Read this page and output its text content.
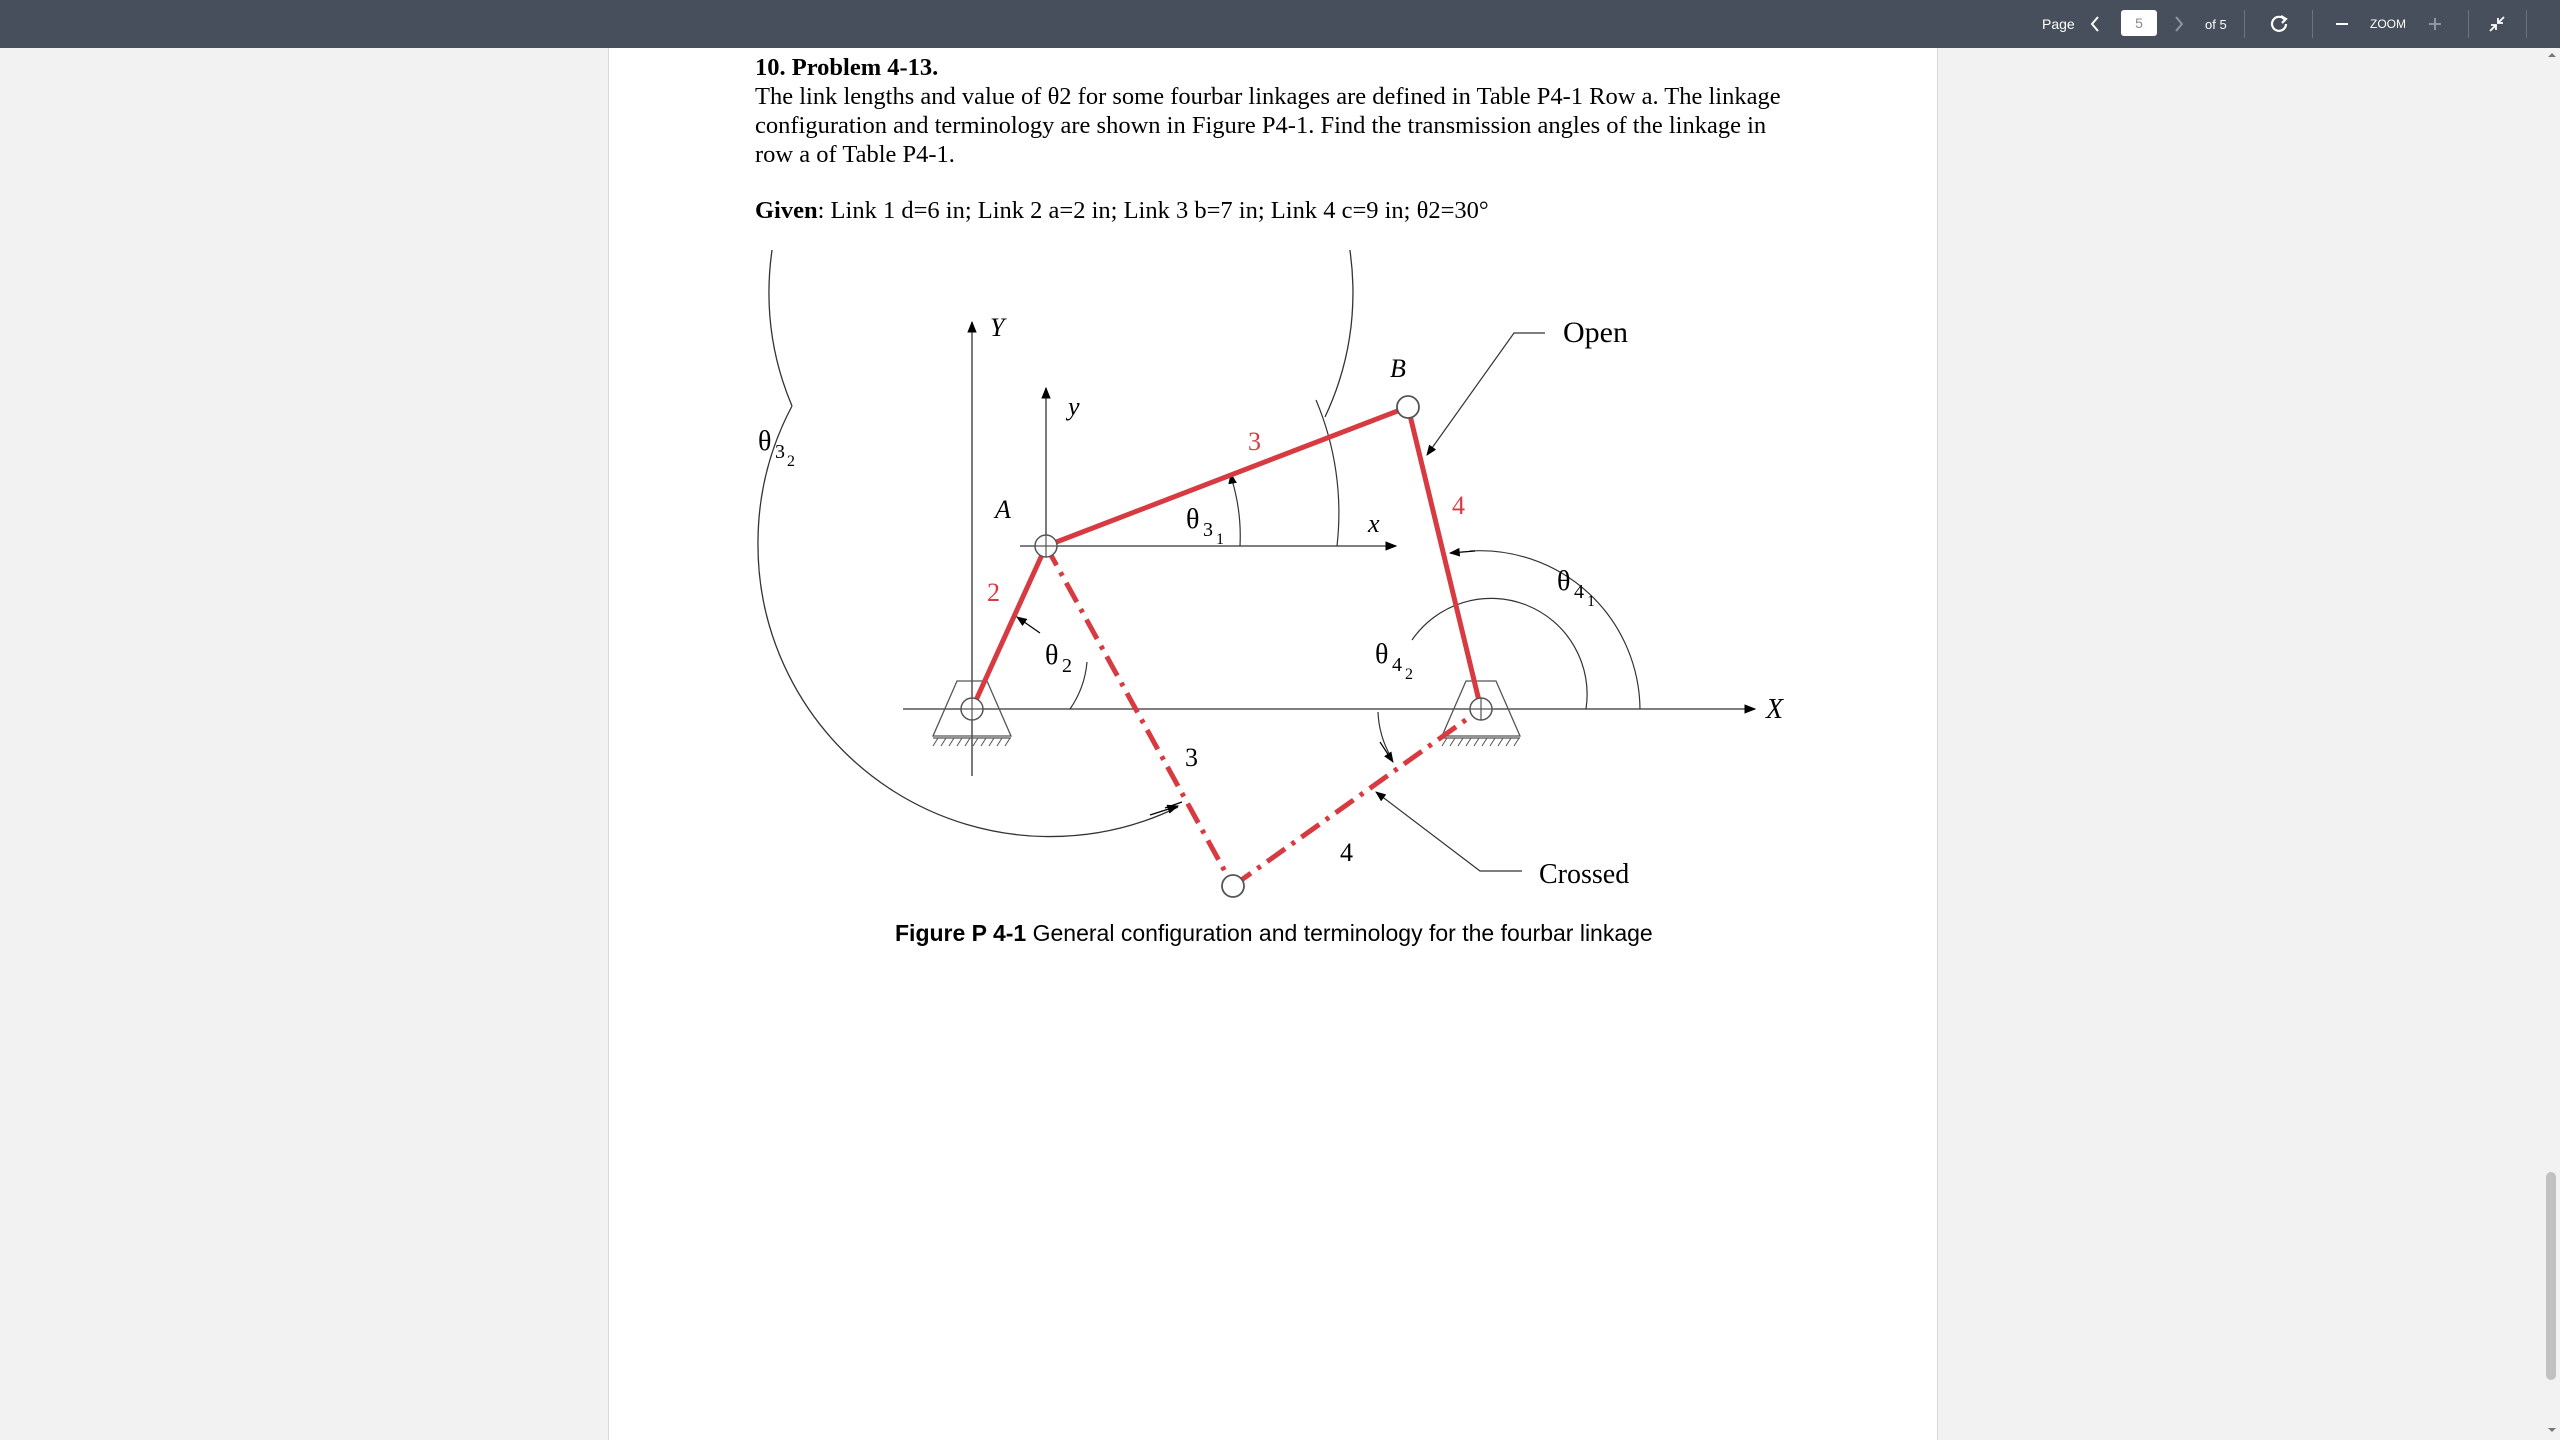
Page
5	of 5	ZOOM

10. Problem 4-13.

The link lengths and value of θ2 for some fourbar linkages are defined in Table P4-1 Row a. The linkage configuration and terminology are shown in Figure P4-1. Find the transmission angles of the linkage in row a of Table P4-1.

Given: Link 1 d=6 in; Link 2 a=2 in; Link 3 b=7 in; Link 4 c=9 in; θ2=30°
Y
y
X
x
A
B
Open
Crossed
2
3
4
3
4
θ 3 2
θ 3 1
θ 2
θ 4 1
θ 4 2
Figure P 4-1 General configuration and terminology for the fourbar linkage
